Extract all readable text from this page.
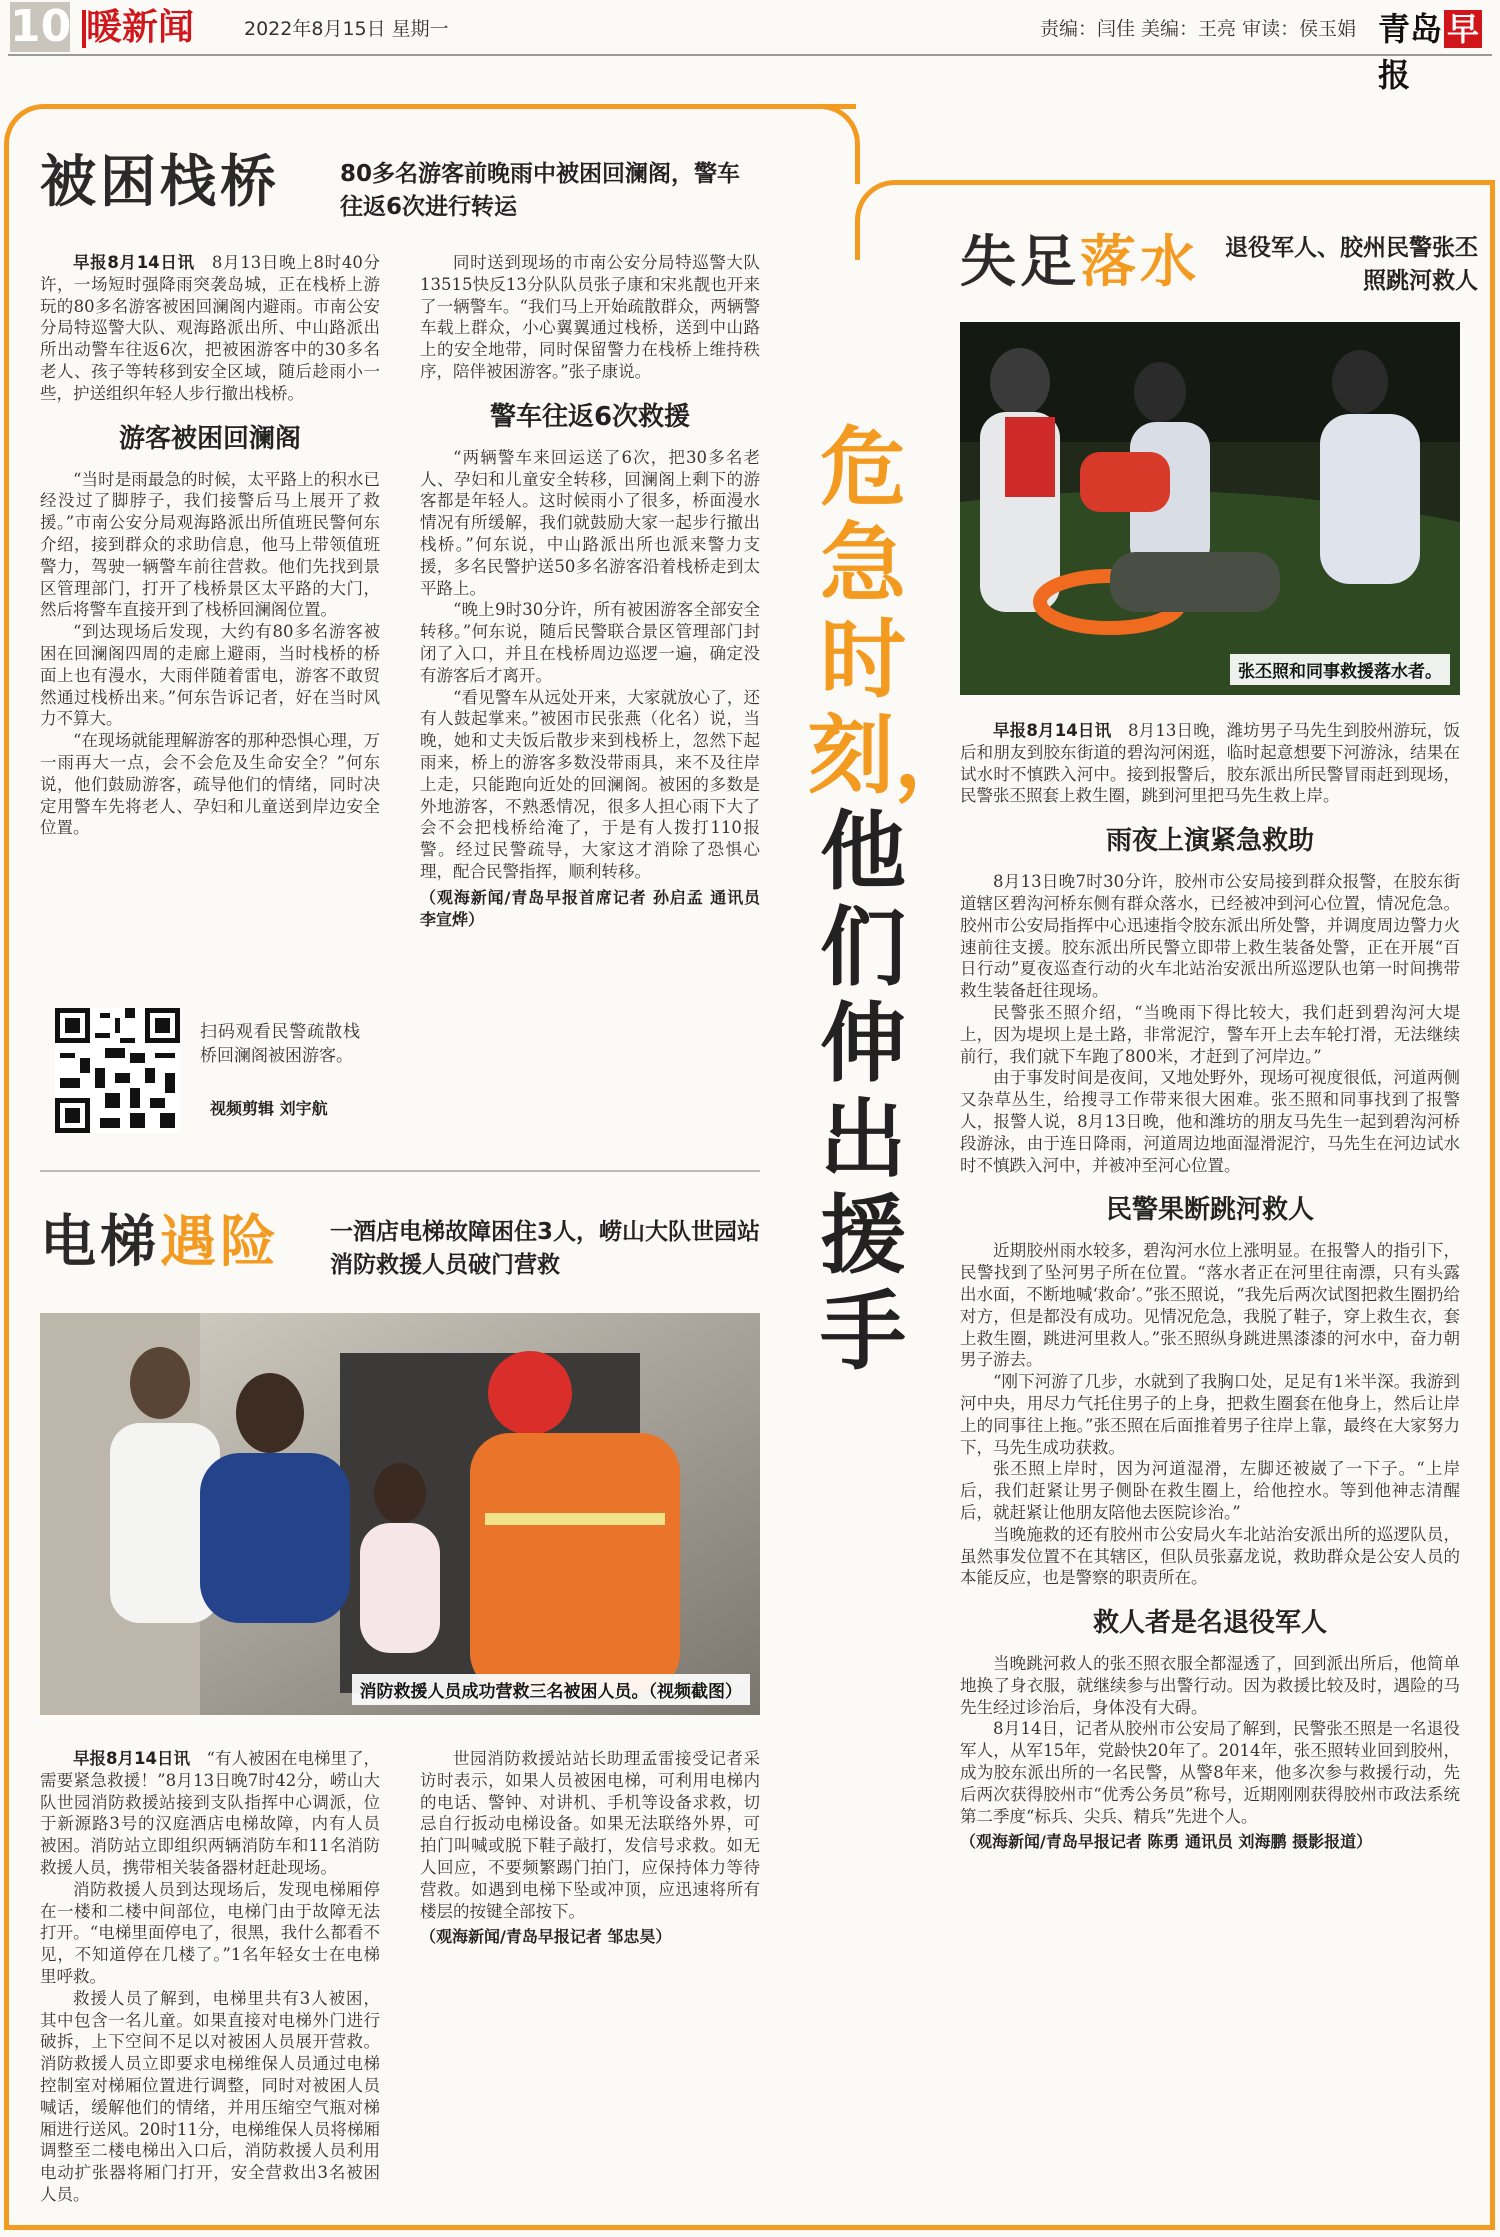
10 暖新闻	2022年8月15日 星期一	责编：闫佳 美编：王亮 审读：侯玉娟 青岛 早报
被困栈桥	80多名游客前晚雨中被困回澜阁，警车往返6次进行转运

早报8月14日讯　 8月13日晚上8时40分许，一场短时强降雨突袭岛城，正在栈桥上游玩的80多名游客被困回澜阁内避雨。市南公安分局特巡警大队、观海路派出所、中山路派出所出动警车往返6次，把被困游客中的30多名老人、孩子等转移到安全区域，随后趁雨小一些，护送组织年轻人步行撤出栈桥。

游客被困回澜阁

“当时是雨最急的时候，太平路上的积水已经没过了脚脖子，我们接警后马上展开了救援。”市南公安分局观海路派出所值班民警何东介绍，接到群众的求助信息，他马上带领值班警力，驾驶一辆警车前往营救。他们先找到景区管理部门，打开了栈桥景区太平路的大门，然后将警车直接开到了栈桥回澜阁位置。

“到达现场后发现，大约有80多名游客被困在回澜阁四周的走廊上避雨，当时栈桥的桥面上也有漫水，大雨伴随着雷电，游客不敢贸然通过栈桥出来。”何东告诉记者，好在当时风力不算大。

“在现场就能理解游客的那种恐惧心理，万一雨再大一点，会不会危及生命安全？”何东说，他们鼓励游客，疏导他们的情绪，同时决定用警车先将老人、孕妇和儿童送到岸边安全位置。

同时送到现场的市南公安分局特巡警大队13515快反13分队队员张子康和宋兆靓也开来了一辆警车。“我们马上开始疏散群众，两辆警车载上群众，小心翼翼通过栈桥，送到中山路上的安全地带，同时保留警力在栈桥上维持秩序，陪伴被困游客。”张子康说。

警车往返6次救援

“两辆警车来回运送了6次，把30多名老人、孕妇和儿童安全转移，回澜阁上剩下的游客都是年轻人。这时候雨小了很多，桥面漫水情况有所缓解，我们就鼓励大家一起步行撤出栈桥。”何东说，中山路派出所也派来警力支援，多名民警护送50多名游客沿着栈桥走到太平路上。

“晚上9时30分许，所有被困游客全部安全转移。”何东说，随后民警联合景区管理部门封闭了入口，并且在栈桥周边巡逻一遍，确定没有游客后才离开。

“看见警车从远处开来，大家就放心了，还有人鼓起掌来。”被困市民张燕（化名）说，当晚，她和丈夫饭后散步来到栈桥上，忽然下起雨来，桥上的游客多数没带雨具，来不及往岸上走，只能跑向近处的回澜阁。被困的多数是外地游客，不熟悉情况，很多人担心雨下大了会不会把栈桥给淹了，于是有人拨打110报警。经过民警疏导，大家这才消除了恐惧心理，配合民警指挥，顺利转移。

（观海新闻/青岛早报首席记者 孙启孟 通讯员 李宣烨）
扫码观看民警疏散栈桥回澜阁被困游客。
视频剪辑 刘宇航
电梯遇险 一酒店电梯故障困住3人，崂山大队世园站消防救援人员破门营救
消防救援人员成功营救三名被困人员。（视频截图）

早报8月14日讯　 “有人被困在电梯里了，需要紧急救援！”8月13日晚7时42分，崂山大队世园消防救援站接到支队指挥中心调派，位于新源路3号的汉庭酒店电梯故障，内有人员被困。消防站立即组织两辆消防车和11名消防救援人员，携带相关装备器材赶赴现场。

消防救援人员到达现场后，发现电梯厢停在一楼和二楼中间部位，电梯门由于故障无法打开。“电梯里面停电了，很黑，我什么都看不见，不知道停在几楼了。”1名年轻女士在电梯里呼救。

救援人员了解到，电梯里共有3人被困，其中包含一名儿童。如果直接对电梯外门进行破拆，上下空间不足以对被困人员展开营救。消防救援人员立即要求电梯维保人员通过电梯控制室对梯厢位置进行调整，同时对被困人员喊话，缓解他们的情绪，并用压缩空气瓶对梯厢进行送风。20时11分，电梯维保人员将梯厢调整至二楼电梯出入口后，消防救援人员利用电动扩张器将厢门打开，安全营救出3名被困人员。

世园消防救援站站长助理孟雷接受记者采访时表示，如果人员被困电梯，可利用电梯内的电话、警钟、对讲机、手机等设备求救，切忌自行扳动电梯设备。如果无法联络外界，可拍门叫喊或脱下鞋子敲打，发信号求救。如无人回应，不要频繁踢门拍门，应保持体力等待营救。如遇到电梯下坠或冲顶，应迅速将所有楼层的按键全部按下。

（观海新闻/青岛早报记者 邹忠昊）
危急时刻，他们伸出援手
失足落水	退役军人、胶州民警张丕照跳河救人
张丕照和同事救援落水者。

早报8月14日讯　 8月13日晚，潍坊男子马先生到胶州游玩，饭后和朋友到胶东街道的碧沟河闲逛，临时起意想要下河游泳，结果在试水时不慎跌入河中。接到报警后，胶东派出所民警冒雨赶到现场，民警张丕照套上救生圈，跳到河里把马先生救上岸。

雨夜上演紧急救助

8月13日晚7时30分许，胶州市公安局接到群众报警，在胶东街道辖区碧沟河桥东侧有群众落水，已经被冲到河心位置，情况危急。胶州市公安局指挥中心迅速指令胶东派出所处警，并调度周边警力火速前往支援。胶东派出所民警立即带上救生装备处警，正在开展“百日行动”夏夜巡查行动的火车北站治安派出所巡逻队也第一时间携带救生装备赶往现场。

民警张丕照介绍，“当晚雨下得比较大，我们赶到碧沟河大堤上，因为堤坝上是土路，非常泥泞，警车开上去车轮打滑，无法继续前行，我们就下车跑了800米，才赶到了河岸边。”

由于事发时间是夜间，又地处野外，现场可视度很低，河道两侧又杂草丛生，给搜寻工作带来很大困难。张丕照和同事找到了报警人，报警人说，8月13日晚，他和潍坊的朋友马先生一起到碧沟河桥段游泳，由于连日降雨，河道周边地面湿滑泥泞，马先生在河边试水时不慎跌入河中，并被冲至河心位置。

民警果断跳河救人

近期胶州雨水较多，碧沟河水位上涨明显。在报警人的指引下，民警找到了坠河男子所在位置。“落水者正在河里往南漂，只有头露出水面，不断地喊‘救命’。”张丕照说，“我先后两次试图把救生圈扔给对方，但是都没有成功。见情况危急，我脱了鞋子，穿上救生衣，套上救生圈，跳进河里救人。”张丕照纵身跳进黑漆漆的河水中，奋力朝男子游去。

“刚下河游了几步，水就到了我胸口处，足足有1米半深。我游到河中央，用尽力气托住男子的上身，把救生圈套在他身上，然后让岸上的同事往上拖。”张丕照在后面推着男子往岸上靠，最终在大家努力下，马先生成功获救。

张丕照上岸时，因为河道湿滑，左脚还被崴了一下子。“上岸后，我们赶紧让男子侧卧在救生圈上，给他控水。等到他神志清醒后，就赶紧让他朋友陪他去医院诊治。”

当晚施救的还有胶州市公安局火车北站治安派出所的巡逻队员，虽然事发位置不在其辖区，但队员张嘉龙说，救助群众是公安人员的本能反应，也是警察的职责所在。

救人者是名退役军人

当晚跳河救人的张丕照衣服全都湿透了，回到派出所后，他简单地换了身衣服，就继续参与出警行动。因为救援比较及时，遇险的马先生经过诊治后，身体没有大碍。

8月14日，记者从胶州市公安局了解到，民警张丕照是一名退役军人，从军15年，党龄快20年了。2014年，张丕照转业回到胶州，成为胶东派出所的一名民警，从警8年来，他多次参与救援行动，先后两次获得胶州市“优秀公务员”称号，近期刚刚获得胶州市政法系统第二季度“标兵、尖兵、精兵”先进个人。

（观海新闻/青岛早报记者 陈勇 通讯员 刘海鹏 摄影报道）
